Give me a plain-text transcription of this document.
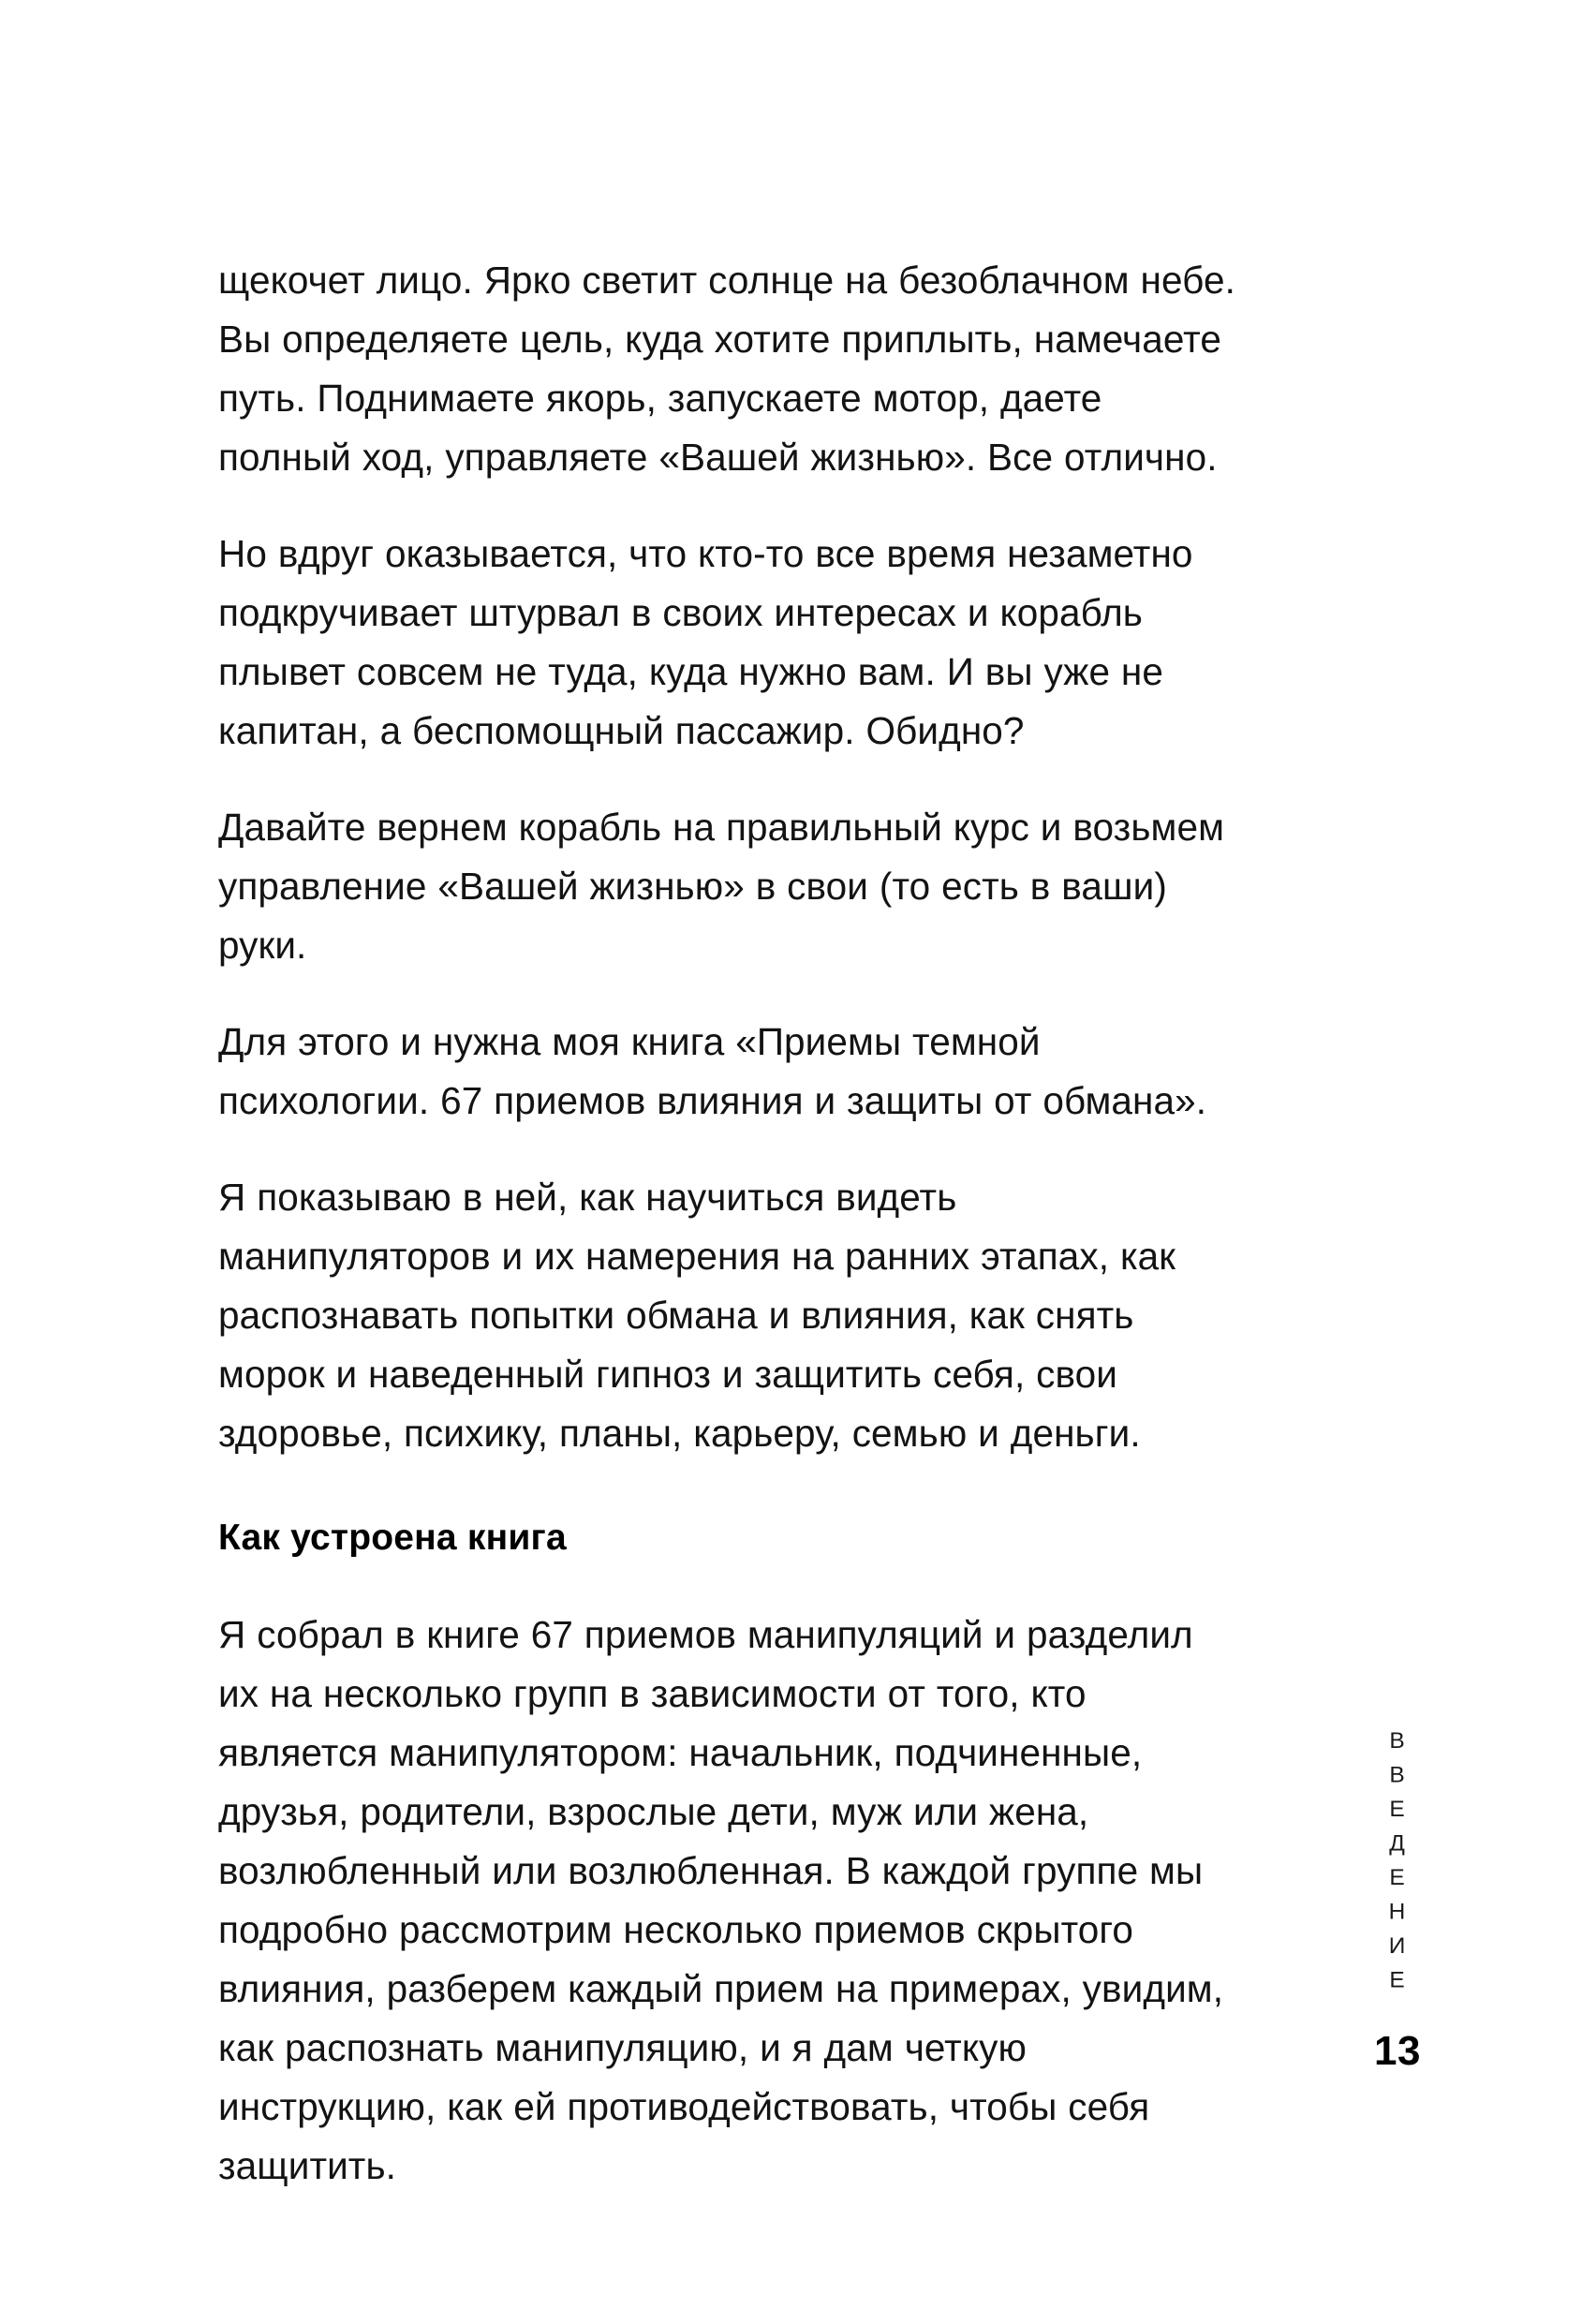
щекочет лицо. Ярко светит солнце на безоблачном небе. Вы определяете цель, куда хотите приплыть, намечаете путь. Поднимаете якорь, запускаете мотор, даете полный ход, управляете «Вашей жизнью». Все отлично.

Но вдруг оказывается, что кто-то все время незаметно подкручивает штурвал в своих интересах и корабль плывет совсем не туда, куда нужно вам. И вы уже не капитан, а беспомощный пассажир. Обидно?

Давайте вернем корабль на правильный курс и возьмем управление «Вашей жизнью» в свои (то есть в ваши) руки.

Для этого и нужна моя книга «Приемы темной психологии. 67 приемов влияния и защиты от обмана».

Я показываю в ней, как научиться видеть манипуляторов и их намерения на ранних этапах, как распознавать попытки обмана и влияния, как снять морок и наведенный гипноз и защитить себя, свои здоровье, психику, планы, карьеру, семью и деньги.

Как устроена книга

Я собрал в книге 67 приемов манипуляций и разделил их на несколько групп в зависимости от того, кто является манипулятором: начальник, подчиненные, друзья, родители, взрослые дети, муж или жена, возлюбленный или возлюбленная. В каждой группе мы подробно рассмотрим несколько приемов скрытого влияния, разберем каждый прием на примерах, увидим, как распознать манипуляцию, и я дам четкую инструкцию, как ей противодействовать, чтобы себя защитить.

ВВЕДЕНИЕ
13
